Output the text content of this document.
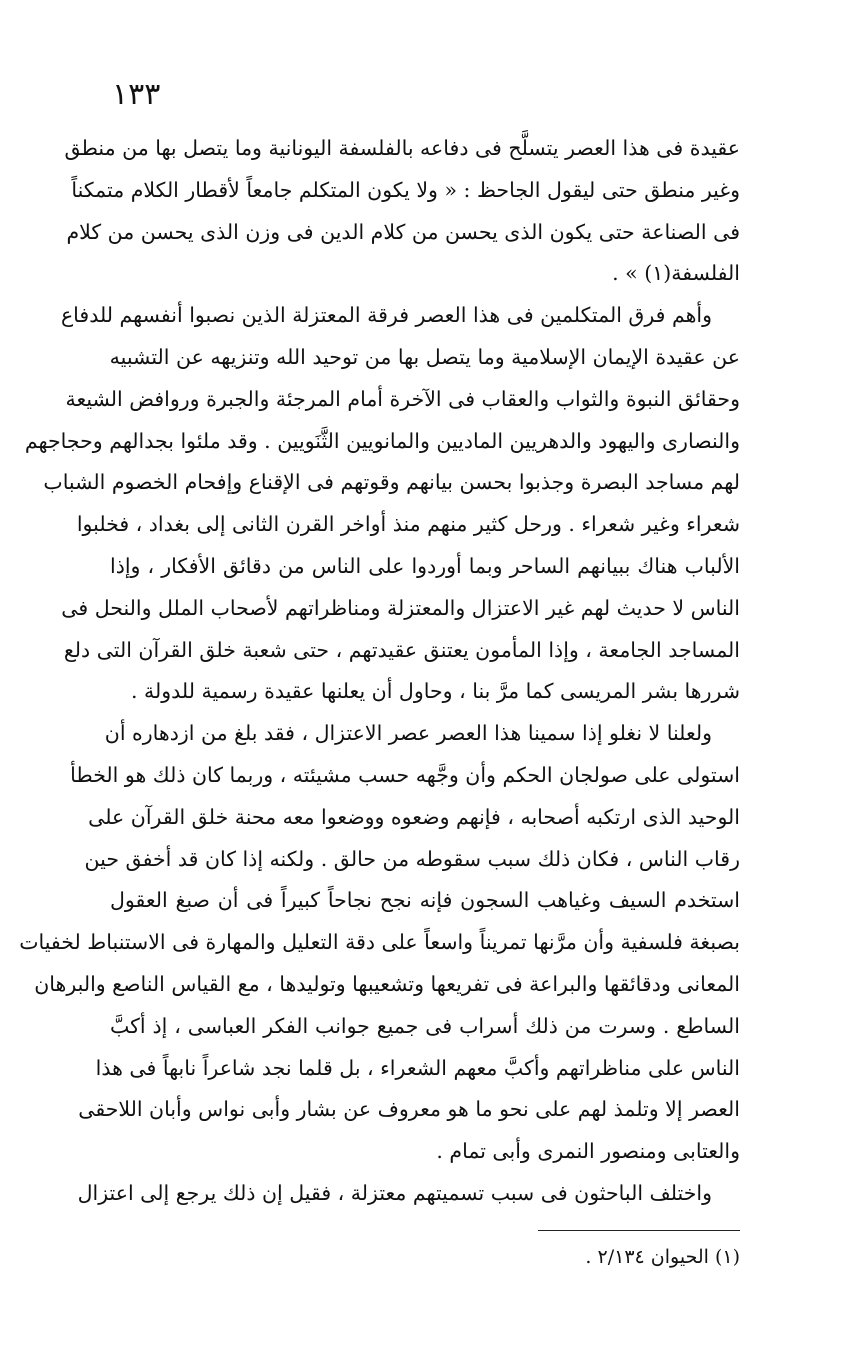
١٣٣
عقيدة فى هذا العصر يتسلَّح فى دفاعه بالفلسفة اليونانية وما يتصل بها من منطق
وغير منطق حتى ليقول الجاحظ : « ولا يكون المتكلم جامعاً لأقطار الكلام متمكناً
فى الصناعة حتى يكون الذى يحسن من كلام الدين فى وزن الذى يحسن من كلام
الفلسفة(١) » .
وأهم فرق المتكلمين فى هذا العصر فرقة المعتزلة الذين نصبوا أنفسهم للدفاع
عن عقيدة الإيمان الإسلامية وما يتصل بها من توحيد الله وتنزيهه عن التشبيه
وحقائق النبوة والثواب والعقاب فى الآخرة أمام المرجئة والجبرة وروافض الشيعة
والنصارى واليهود والدهريين الماديين والمانويين الثَّنَويين . وقد ملئوا بجدالهم وحجاجهم
لهم مساجد البصرة وجذبوا بحسن بيانهم وقوتهم فى الإقناع وإفحام الخصوم الشباب
شعراء وغير شعراء . ورحل كثير منهم منذ أواخر القرن الثانى إلى بغداد ، فخلبوا
الألباب هناك ببيانهم الساحر وبما أوردوا على الناس من دقائق الأفكار ، وإذا
الناس لا حديث لهم غير الاعتزال والمعتزلة ومناظراتهم لأصحاب الملل والنحل فى
المساجد الجامعة ، وإذا المأمون يعتنق عقيدتهم ، حتى شعبة خلق القرآن التى دلع
شررها بشر المريسى كما مرَّ بنا ، وحاول أن يعلنها عقيدة رسمية للدولة .
ولعلنا لا نغلو إذا سمينا هذا العصر عصر الاعتزال ، فقد بلغ من ازدهاره أن
استولى على صولجان الحكم وأن وجَّهه حسب مشيئته ، وربما كان ذلك هو الخطأ
الوحيد الذى ارتكبه أصحابه ، فإنهم وضعوه ووضعوا معه محنة خلق القرآن على
رقاب الناس ، فكان ذلك سبب سقوطه من حالق . ولكنه إذا كان قد أخفق حين
استخدم السيف وغياهب السجون فإنه نجح نجاحاً كبيراً فى أن صبغ العقول
بصبغة فلسفية وأن مرَّنها تمريناً واسعاً على دقة التعليل والمهارة فى الاستنباط لخفيات
المعانى ودقائقها والبراعة فى تفريعها وتشعيبها وتوليدها ، مع القياس الناصع والبرهان
الساطع . وسرت من ذلك أسراب فى جميع جوانب الفكر العباسى ، إذ أكبَّ
الناس على مناظراتهم وأكبَّ معهم الشعراء ، بل قلما نجد شاعراً نابهاً فى هذا
العصر إلا وتلمذ لهم على نحو ما هو معروف عن بشار وأبى نواس وأبان اللاحقى
والعتابى ومنصور النمرى وأبى تمام .
واختلف الباحثون فى سبب تسميتهم معتزلة ، فقيل إن ذلك يرجع إلى اعتزال
(١) الحيوان ٢/١٣٤ .
